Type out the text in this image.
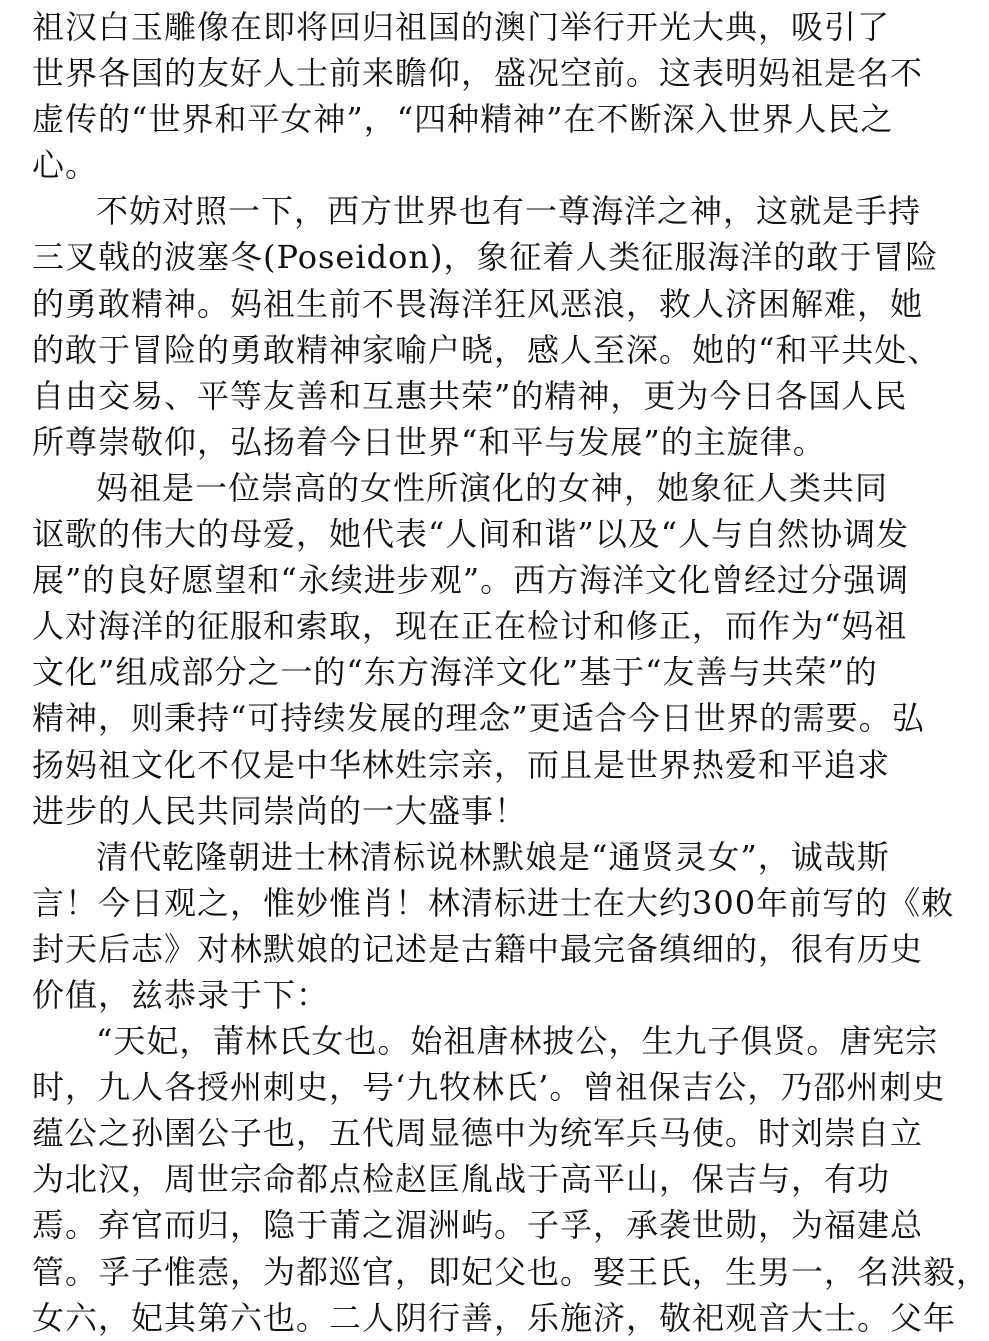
祖汉白玉雕像在即将回归祖国的澳门举行开光大典，吸引了
世界各国的友好人士前来瞻仰，盛况空前。这表明妈祖是名不
虚传的“世界和平女神”，“四种精神”在不断深入世界人民之
心。
不妨对照一下，西方世界也有一尊海洋之神，这就是手持
三叉戟的波塞冬(Poseidon)，象征着人类征服海洋的敢于冒险
的勇敢精神。妈祖生前不畏海洋狂风恶浪，救人济困解难，她
的敢于冒险的勇敢精神家喻户晓，感人至深。她的“和平共处、
自由交易、平等友善和互惠共荣”的精神，更为今日各国人民
所尊崇敬仰，弘扬着今日世界“和平与发展”的主旋律。
妈祖是一位崇高的女性所演化的女神，她象征人类共同
讴歌的伟大的母爱，她代表“人间和谐”以及“人与自然协调发
展”的良好愿望和“永续进步观”。西方海洋文化曾经过分强调
人对海洋的征服和索取，现在正在检讨和修正，而作为“妈祖
文化”组成部分之一的“东方海洋文化”基于“友善与共荣”的
精神，则秉持“可持续发展的理念”更适合今日世界的需要。弘
扬妈祖文化不仅是中华林姓宗亲，而且是世界热爱和平追求
进步的人民共同崇尚的一大盛事！
清代乾隆朝进士林清标说林默娘是“通贤灵女”，诚哉斯
言！今日观之，惟妙惟肖！林清标进士在大约300年前写的《敕
封天后志》对林默娘的记述是古籍中最完备缜细的，很有历史
价值，兹恭录于下：
“天妃，莆林氏女也。始祖唐林披公，生九子俱贤。唐宪宗
时，九人各授州刺史，号‘九牧林氏’。曾祖保吉公，乃邵州刺史
蕴公之孙圉公子也，五代周显德中为统军兵马使。时刘崇自立
为北汉，周世宗命都点检赵匡胤战于高平山，保吉与，有功
焉。弃官而归，隐于莆之湄洲屿。子孚，承袭世勋，为福建总
管。孚子惟悫，为都巡官，即妃父也。娶王氏，生男一，名洪毅，
女六，妃其第六也。二人阴行善，乐施济，敬祀观音大士。父年
